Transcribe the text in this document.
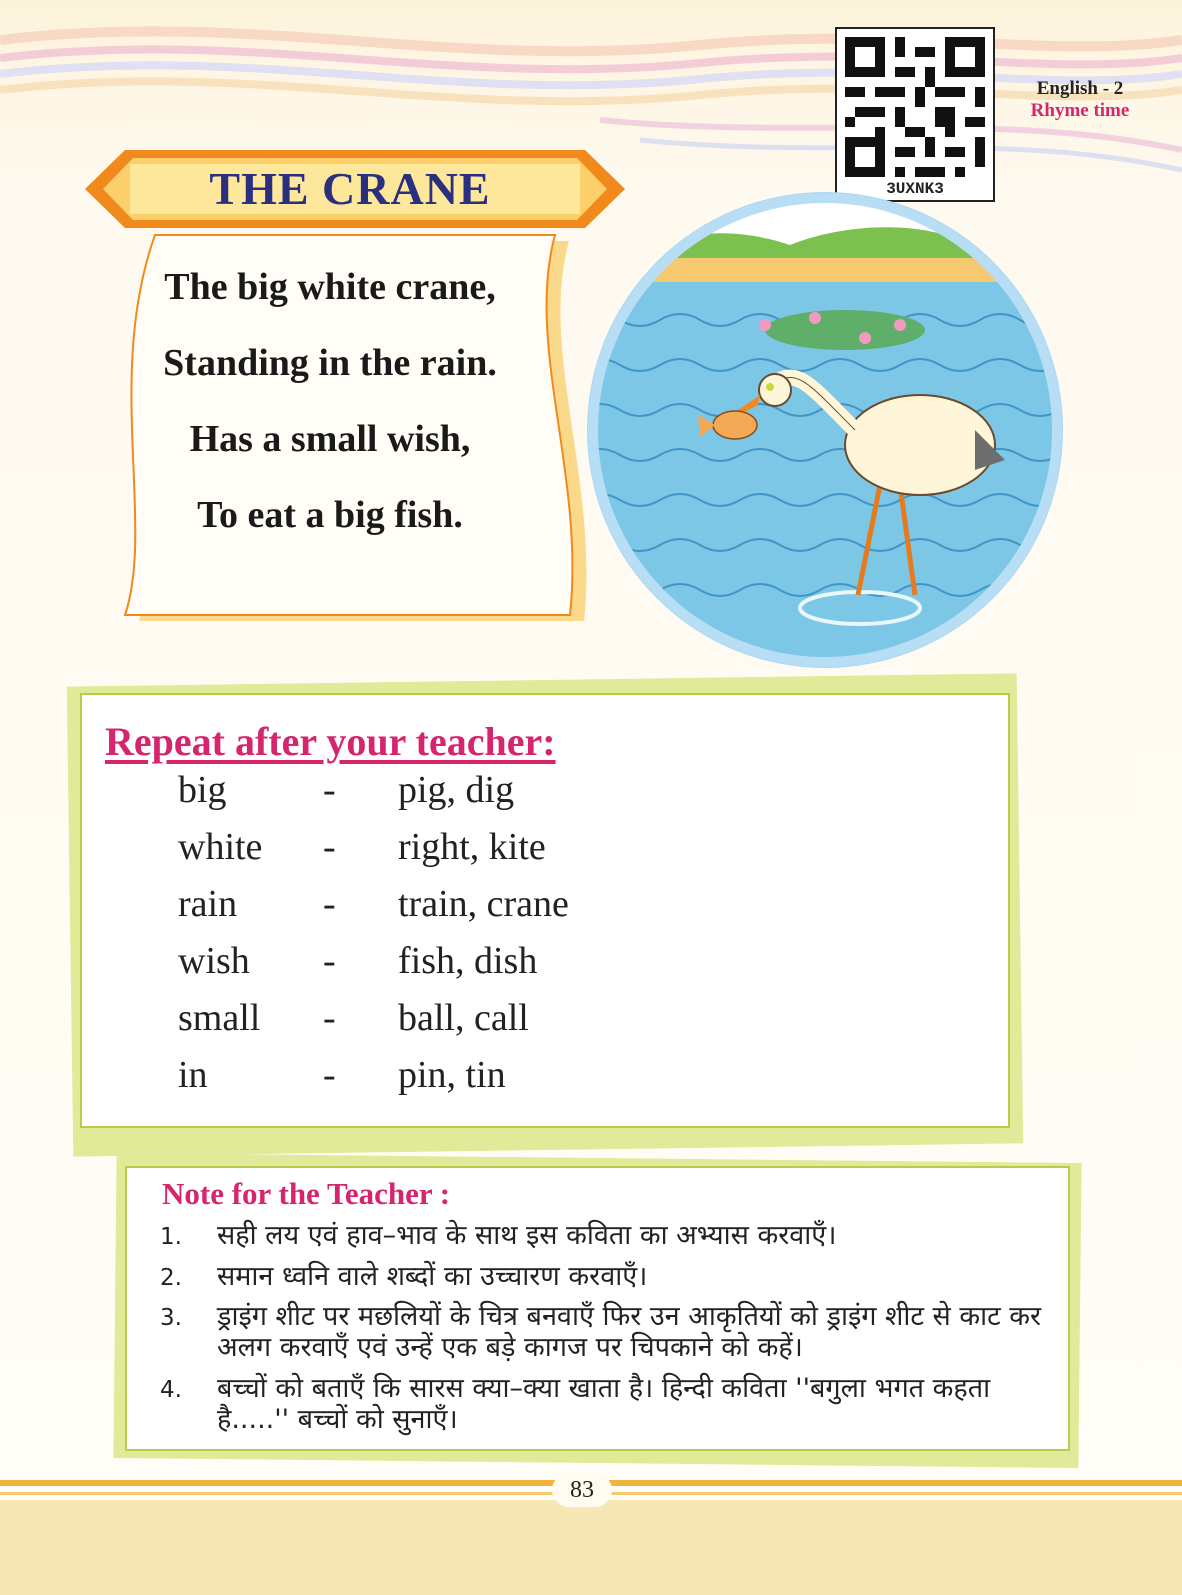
3UXNK3
English - 2
Rhyme time
THE CRANE
The big white crane,
Standing in the rain.
Has a small wish,
To eat a big fish.
Repeat after your teacher:
big	- pig, dig
white - right, kite
rain - train, crane
wish - fish, dish
small - ball, call
in	- pin, tin
Note for the Teacher :
1. सही लय एवं हाव–भाव के साथ इस कविता का अभ्यास करवाएँ।
2. समान ध्वनि वाले शब्दों का उच्चारण करवाएँ।
3. ड्राइंग शीट पर मछलियों के चित्र बनवाएँ फिर उन आकृतियों को ड्राइंग शीट से काट कर अलग करवाएँ एवं उन्हें एक बड़े कागज पर चिपकाने को कहें।
4. बच्चों को बताएँ कि सारस क्या–क्या खाता है। हिन्दी कविता ''बगुला भगत कहता है.....'' बच्चों को सुनाएँ।
83
